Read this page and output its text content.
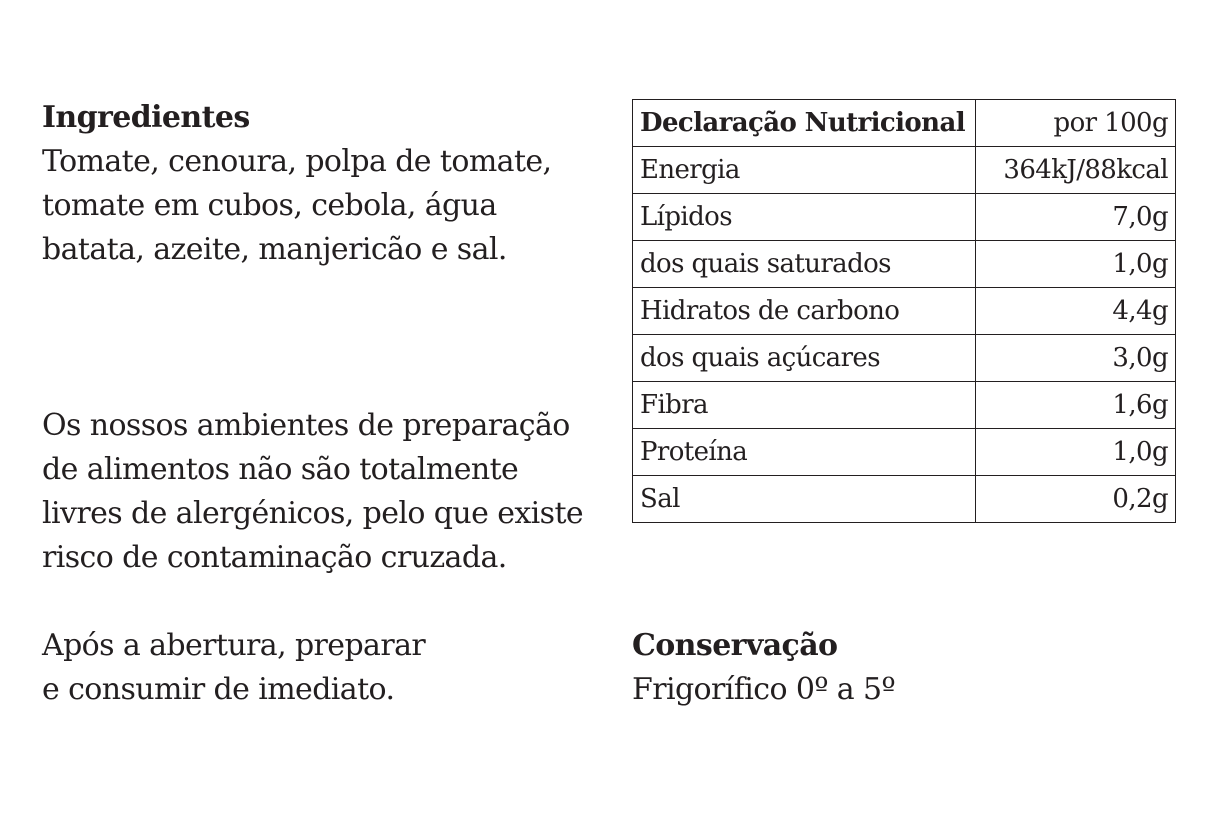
Ingredientes
Tomate, cenoura, polpa de tomate,
tomate em cubos, cebola, água
batata, azeite, manjericão e sal.
Os nossos ambientes de preparação
de alimentos não são totalmente
livres de alergénicos, pelo que existe
risco de contaminação cruzada.
Após a abertura, preparar
e consumir de imediato.
Conservação
Frigorífico 0º a 5º
Declaração Nutricional	por 100g
Energia	364kJ/88kcal
Lípidos	7,0g
dos quais saturados	1,0g
Hidratos de carbono	4,4g
dos quais açúcares	3,0g
Fibra	1,6g
Proteína	1,0g
Sal	0,2g
